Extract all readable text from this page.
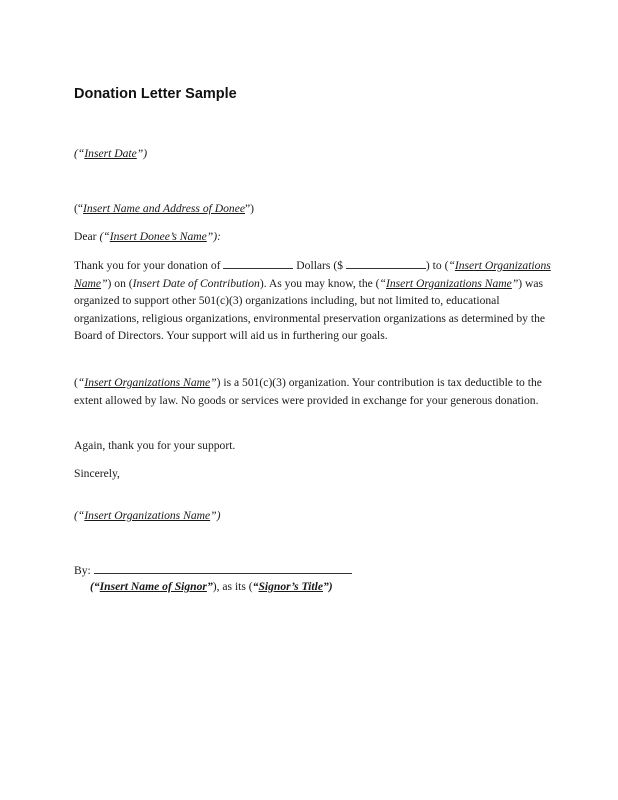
Donation Letter Sample
(“Insert Date”)
(“Insert Name and Address of Donee”)
Dear (“Insert Donee’s Name”):
Thank you for your donation of	Dollars ($	) to (“Insert Organizations Name”) on (Insert Date of Contribution). As you may know, the (“Insert Organizations Name”) was organized to support other 501(c)(3) organizations including, but not limited to, educational organizations, religious organizations, environmental preservation organizations as determined by the Board of Directors. Your support will aid us in furthering our goals.
(“Insert Organizations Name”) is a 501(c)(3) organization. Your contribution is tax deductible to the extent allowed by law. No goods or services were provided in exchange for your generous donation.
Again, thank you for your support.
Sincerely,
(“Insert Organizations Name”)
By:
(“Insert Name of Signor”), as its (“Signor’s Title”)
